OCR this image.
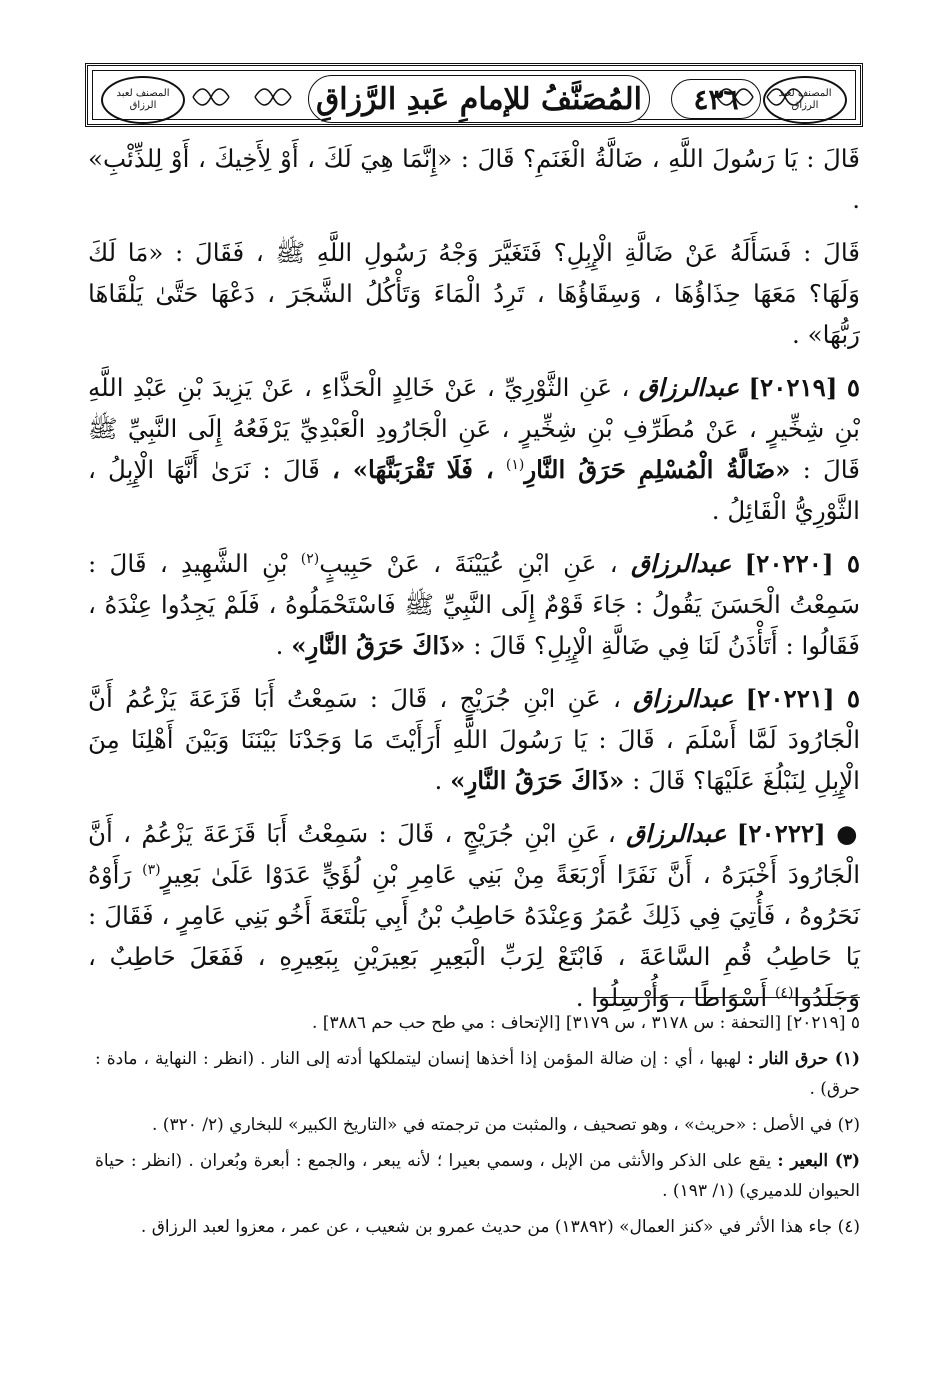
المصنف لعبد الرزاق	المُصَنَّفُ للإمامِ عَبدِ الرَّزاقِ	٤٣٦	المصنف لعبد الرزاق

قَالَ : يَا رَسُولَ اللَّهِ ، ضَالَّةُ الْغَنَمِ؟ قَالَ : «إِنَّمَا هِيَ لَكَ ، أَوْ لِأَخِيكَ ، أَوْ لِلذِّئْبِ» .

قَالَ : فَسَأَلَهُ عَنْ ضَالَّةِ الْإِبِلِ؟ فَتَغَيَّرَ وَجْهُ رَسُولِ اللَّهِ ﷺ ، فَقَالَ : «مَا لَكَ وَلَهَا؟ مَعَهَا حِذَاؤُهَا ، وَسِقَاؤُهَا ، تَرِدُ الْمَاءَ وَتَأْكُلُ الشَّجَرَ ، دَعْهَا حَتَّىٰ يَلْقَاهَا رَبُّهَا» .

٥ [٢٠٢١٩] عبدالرزاق ، عَنِ الثَّوْرِيِّ ، عَنْ خَالِدٍ الْحَذَّاءِ ، عَنْ يَزِيدَ بْنِ عَبْدِ اللَّهِ بْنِ شِخِّيرٍ ، عَنْ مُطَرِّفِ بْنِ شِخِّيرٍ ، عَنِ الْجَارُودِ الْعَبْدِيِّ يَرْفَعُهُ إِلَى النَّبِيِّ ﷺ قَالَ : «ضَالَّةُ الْمُسْلِمِ حَرَقُ النَّارِ$^{(١)}$ ، فَلَا تَقْرَبَنَّهَا» ، قَالَ : نَرَىٰ أَنَّهَا الْإِبِلُ ، الثَّوْرِيُّ الْقَائِلُ .

٥ [٢٠٢٢٠] عبدالرزاق ، عَنِ ابْنِ عُيَيْنَةَ ، عَنْ حَبِيبٍ$^{(٢)}$ بْنِ الشَّهِيدِ ، قَالَ : سَمِعْتُ الْحَسَنَ يَقُولُ : جَاءَ قَوْمٌ إِلَى النَّبِيِّ ﷺ فَاسْتَحْمَلُوهُ ، فَلَمْ يَجِدُوا عِنْدَهُ ، فَقَالُوا : أَتَأْذَنُ لَنَا فِي ضَالَّةِ الْإِبِلِ؟ قَالَ : «ذَاكَ حَرَقُ النَّارِ» .

٥ [٢٠٢٢١] عبدالرزاق ، عَنِ ابْنِ جُرَيْجٍ ، قَالَ : سَمِعْتُ أَبَا قَزَعَةَ يَزْعُمُ أَنَّ الْجَارُودَ لَمَّا أَسْلَمَ ، قَالَ : يَا رَسُولَ اللَّهِ أَرَأَيْتَ مَا وَجَدْنَا بَيْنَنَا وَبَيْنَ أَهْلِنَا مِنَ الْإِبِلِ لِنَبْلُغَ عَلَيْهَا؟ قَالَ : «ذَاكَ حَرَقُ النَّارِ» .

● [٢٠٢٢٢] عبدالرزاق ، عَنِ ابْنِ جُرَيْجٍ ، قَالَ : سَمِعْتُ أَبَا قَزَعَةَ يَزْعُمُ ، أَنَّ الْجَارُودَ أَخْبَرَهُ ، أَنَّ نَفَرًا أَرْبَعَةً مِنْ بَنِي عَامِرِ بْنِ لُؤَيٍّ عَدَوْا عَلَىٰ بَعِيرٍ$^{(٣)}$ رَأَوْهُ نَحَرُوهُ ، فَأُتِيَ فِي ذَلِكَ عُمَرُ وَعِنْدَهُ حَاطِبُ بْنُ أَبِي بَلْتَعَةَ أَخُو بَنِي عَامِرٍ ، فَقَالَ : يَا حَاطِبُ قُمِ السَّاعَةَ ، فَابْتَعْ لِرَبِّ الْبَعِيرِ بَعِيرَيْنِ بِبَعِيرِهِ ، فَفَعَلَ حَاطِبٌ ، وَجَلَدُوا$^{(٤)}$ أَسْوَاطًا ، وَأُرْسِلُوا .

٥ [٢٠٢١٩] [التحفة : س ٣١٧٨ ، س ٣١٧٩] [الإتحاف : مي طح حب حم ٣٨٨٦] .

(١) حرق النار : لهبها ، أي : إن ضالة المؤمن إذا أخذها إنسان ليتملكها أدته إلى النار . (انظر : النهاية ، مادة : حرق) .

(٢) في الأصل : «حريث» ، وهو تصحيف ، والمثبت من ترجمته في «التاريخ الكبير» للبخاري (٢/ ٣٢٠) .

(٣) البعير : يقع على الذكر والأنثى من الإبل ، وسمي بعيرا ؛ لأنه يبعر ، والجمع : أبعرة وبُعران . (انظر : حياة الحيوان للدميري) (١/ ١٩٣) .

(٤) جاء هذا الأثر في «كنز العمال» (١٣٨٩٢) من حديث عمرو بن شعيب ، عن عمر ، معزوا لعبد الرزاق .
